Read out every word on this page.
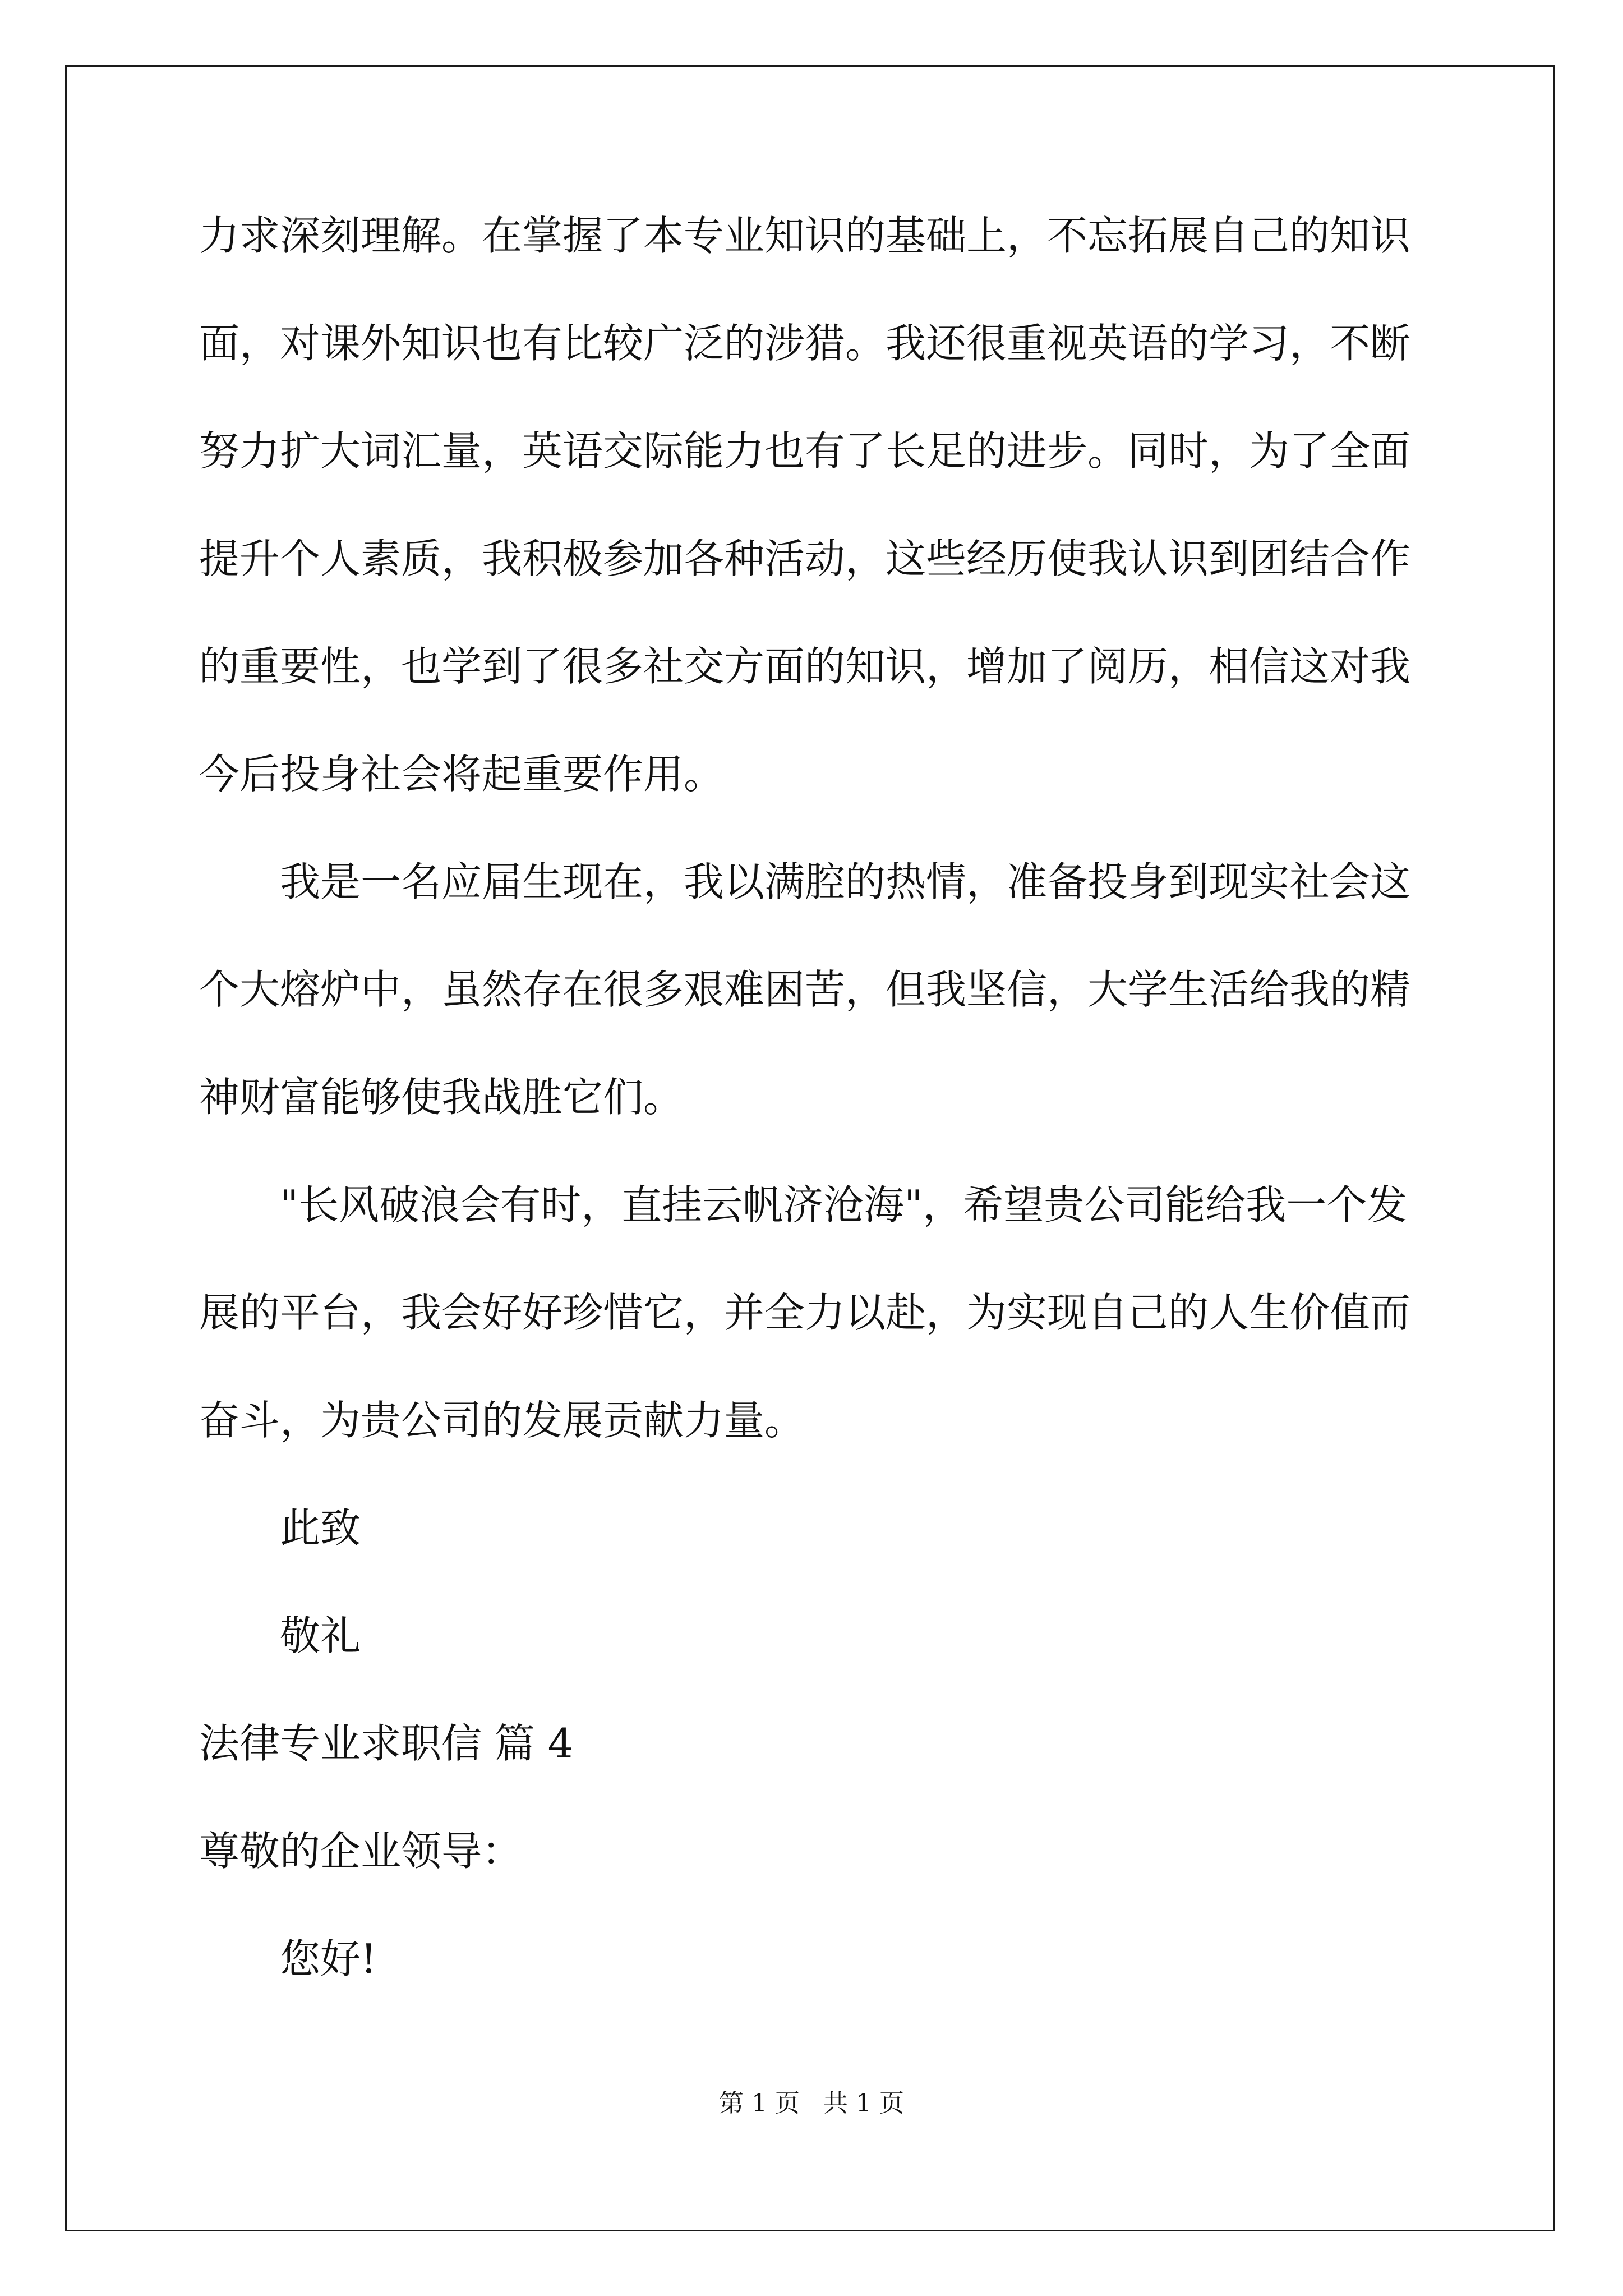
力求深刻理解。在掌握了本专业知识的基础上，不忘拓展自己的知识
面，对课外知识也有比较广泛的涉猎。我还很重视英语的学习，不断
努力扩大词汇量，英语交际能力也有了长足的进步。同时，为了全面
提升个人素质，我积极参加各种活动，这些经历使我认识到团结合作
的重要性，也学到了很多社交方面的知识，增加了阅历，相信这对我
今后投身社会将起重要作用。
我是一名应届生现在，我以满腔的热情，准备投身到现实社会这
个大熔炉中，虽然存在很多艰难困苦，但我坚信，大学生活给我的精
神财富能够使我战胜它们。
"长风破浪会有时，直挂云帆济沧海"，希望贵公司能给我一个发
展的平台，我会好好珍惜它，并全力以赴，为实现自己的人生价值而
奋斗，为贵公司的发展贡献力量。
此致
敬礼
法律专业求职信 篇 4
尊敬的企业领导：
您好!
第 1 页 共 1 页
